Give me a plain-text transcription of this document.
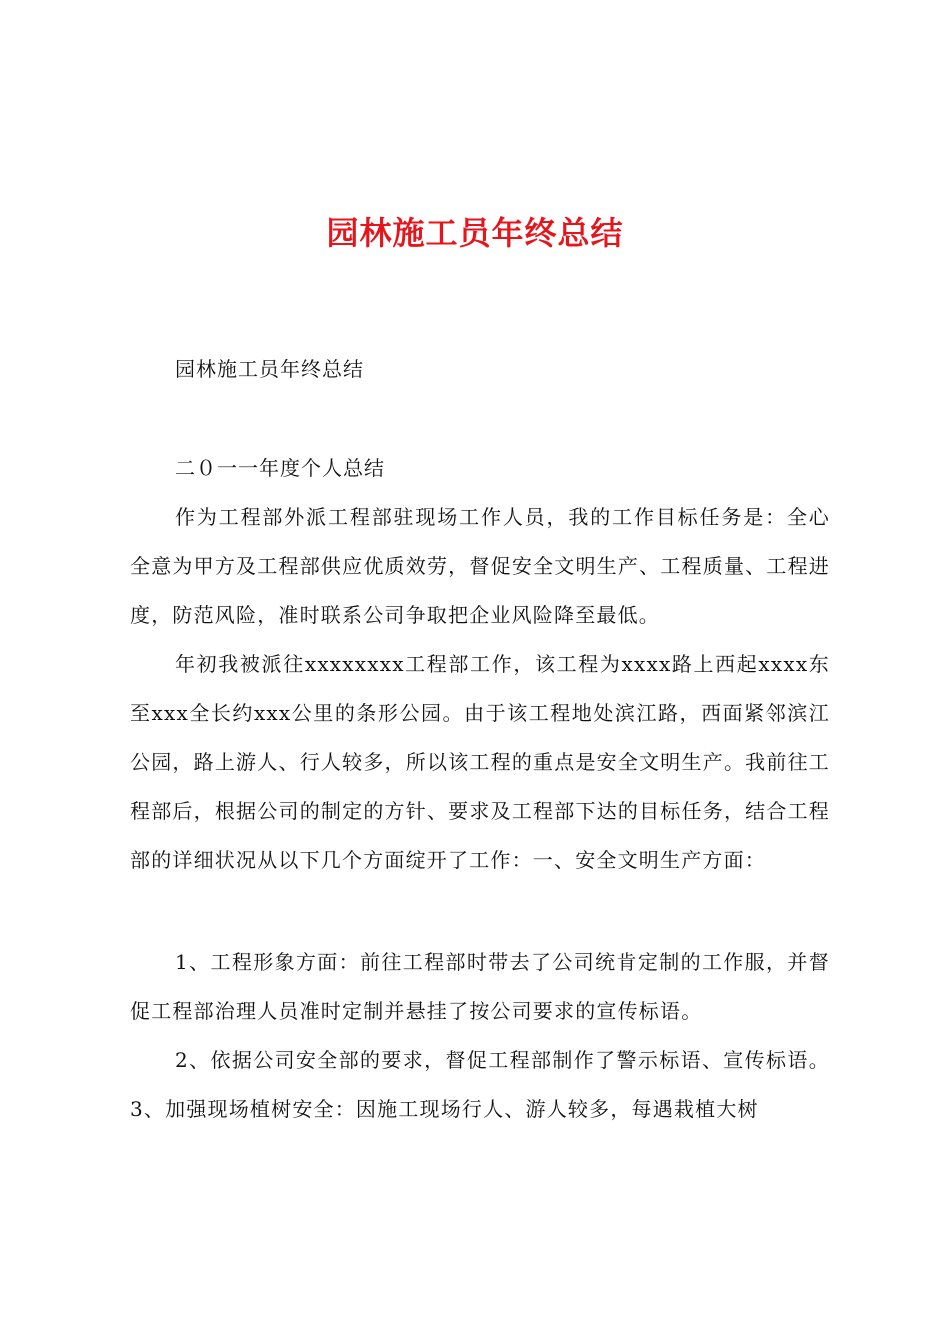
园林施工员年终总结

园林施工员年终总结

二０一一年度个人总结

作为工程部外派工程部驻现场工作人员，我的工作目标任务是：全心全意为甲方及工程部供应优质效劳，督促安全文明生产、工程质量、工程进度，防范风险，准时联系公司争取把企业风险降至最低。

年初我被派往xxxxxxxx工程部工作，该工程为xxxx路上西起xxxx东至xxx全长约xxx公里的条形公园。由于该工程地处滨江路，西面紧邻滨江公园，路上游人、行人较多，所以该工程的重点是安全文明生产。我前往工程部后，根据公司的制定的方针、要求及工程部下达的目标任务，结合工程部的详细状况从以下几个方面绽开了工作：一、安全文明生产方面：

1、工程形象方面：前往工程部时带去了公司统肯定制的工作服，并督促工程部治理人员准时定制并悬挂了按公司要求的宣传标语。

2、依据公司安全部的要求，督促工程部制作了警示标语、宣传标语。3、加强现场植树安全：因施工现场行人、游人较多，每遇栽植大树
